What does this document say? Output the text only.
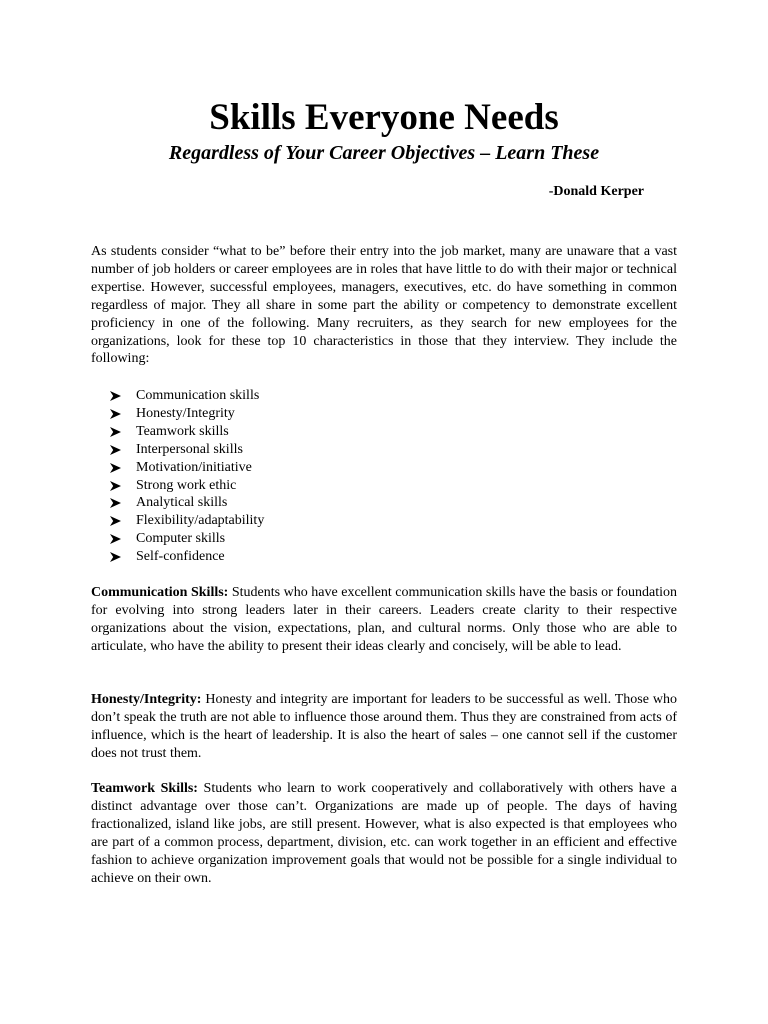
Skills Everyone Needs
Regardless of Your Career Objectives – Learn These
-Donald Kerper

As students consider “what to be” before their entry into the job market, many are unaware that a vast number of job holders or career employees are in roles that have little to do with their major or technical expertise. However, successful employees, managers, executives, etc. do have something in common regardless of major. They all share in some part the ability or competency to demonstrate excellent proficiency in one of the following. Many recruiters, as they search for new employees for the organizations, look for these top 10 characteristics in those that they interview. They include the following:

Communication skills
Honesty/Integrity
Teamwork skills
Interpersonal skills
Motivation/initiative
Strong work ethic
Analytical skills
Flexibility/adaptability
Computer skills
Self-confidence

Communication Skills: Students who have excellent communication skills have the basis or foundation for evolving into strong leaders later in their careers. Leaders create clarity to their respective organizations about the vision, expectations, plan, and cultural norms. Only those who are able to articulate, who have the ability to present their ideas clearly and concisely, will be able to lead.

Honesty/Integrity: Honesty and integrity are important for leaders to be successful as well. Those who don’t speak the truth are not able to influence those around them. Thus they are constrained from acts of influence, which is the heart of leadership. It is also the heart of sales – one cannot sell if the customer does not trust them.

Teamwork Skills: Students who learn to work cooperatively and collaboratively with others have a distinct advantage over those can’t. Organizations are made up of people. The days of having fractionalized, island like jobs, are still present. However, what is also expected is that employees who are part of a common process, department, division, etc. can work together in an efficient and effective fashion to achieve organization improvement goals that would not be possible for a single individual to achieve on their own.
